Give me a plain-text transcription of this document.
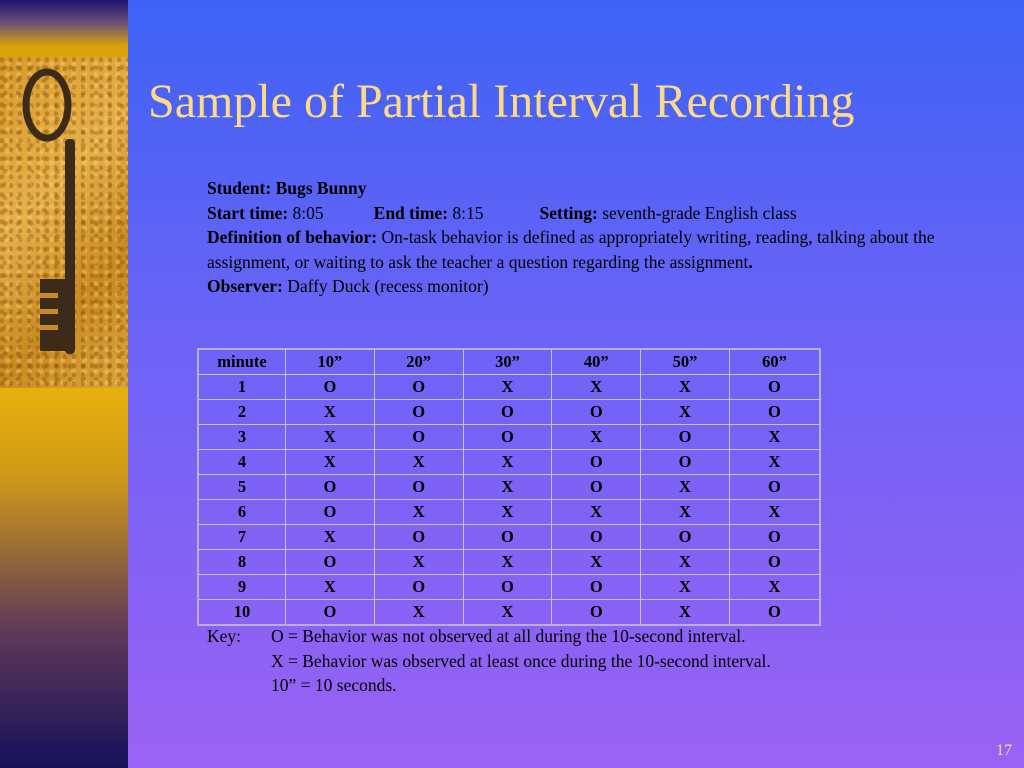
Sample of Partial Interval Recording
Student: Bugs Bunny
Start time: 8:05	End time: 8:15	Setting: seventh-grade English class
Definition of behavior: On-task behavior is defined as appropriately writing, reading, talking about the assignment, or waiting to ask the teacher a question regarding the assignment.
Observer: Daffy Duck (recess monitor)
minute	10”	20”	30”	40”	50”	60”
1	O	O	X	X	X	O
2	X	O	O	O	X	O
3	X	O	O	X	O	X
4	X	X	X	O	O	X
5	O	O	X	O	X	O
6	O	X	X	X	X	X
7	X	O	O	O	O	O
8	O	X	X	X	X	O
9	X	O	O	O	X	X
10	O	X	X	O	X	O
Key: O = Behavior was not observed at all during the 10-second interval.
X = Behavior was observed at least once during the 10-second interval.
10” = 10 seconds.
17
